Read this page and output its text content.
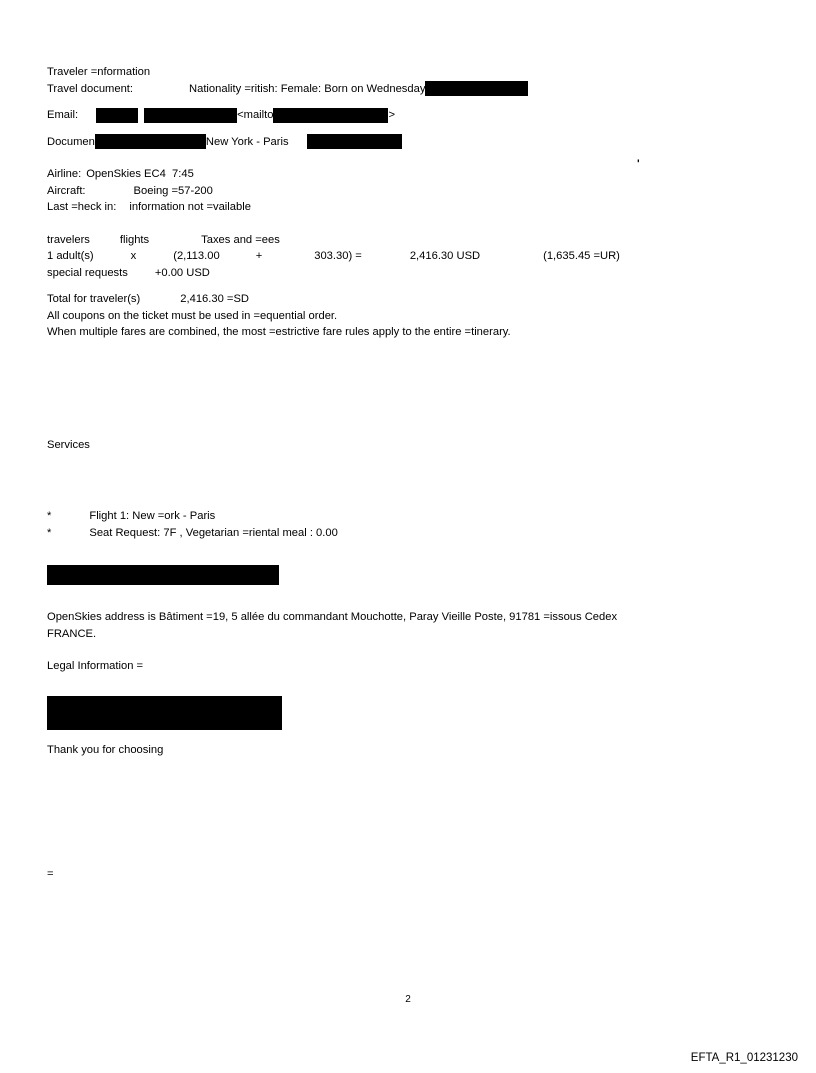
Traveler =nformation
Travel document:	Nationality =ritish: Female: Born on Wednesday
Email:	<mailto	>
Documen	New York - Paris
Airline: OpenSkies EC4  7:45
Aircraft:	Boeing =57-200
Last =heck in: information not =vailable
travelers	flights	Taxes and =ees
1 adult(s)	x	(2,113.00	+	303.30) =	2,416.30 USD	(1,635.45 =UR)
special requests +0.00 USD
Total for traveler(s)	2,416.30 =SD
All coupons on the ticket must be used in =equential order.
When multiple fares are combined, the most =estrictive fare rules apply to the entire =tinerary.
Services
*	Flight 1: New =ork - Paris
*	Seat Request: 7F , Vegetarian =riental meal : 0.00
OpenSkies address is Bâtiment =19, 5 allée du commandant Mouchotte, Paray Vieille Poste, 91781 =issous Cedex
FRANCE.
Legal Information =
Thank you for choosing
=
'
2
EFTA_R1_01231230
